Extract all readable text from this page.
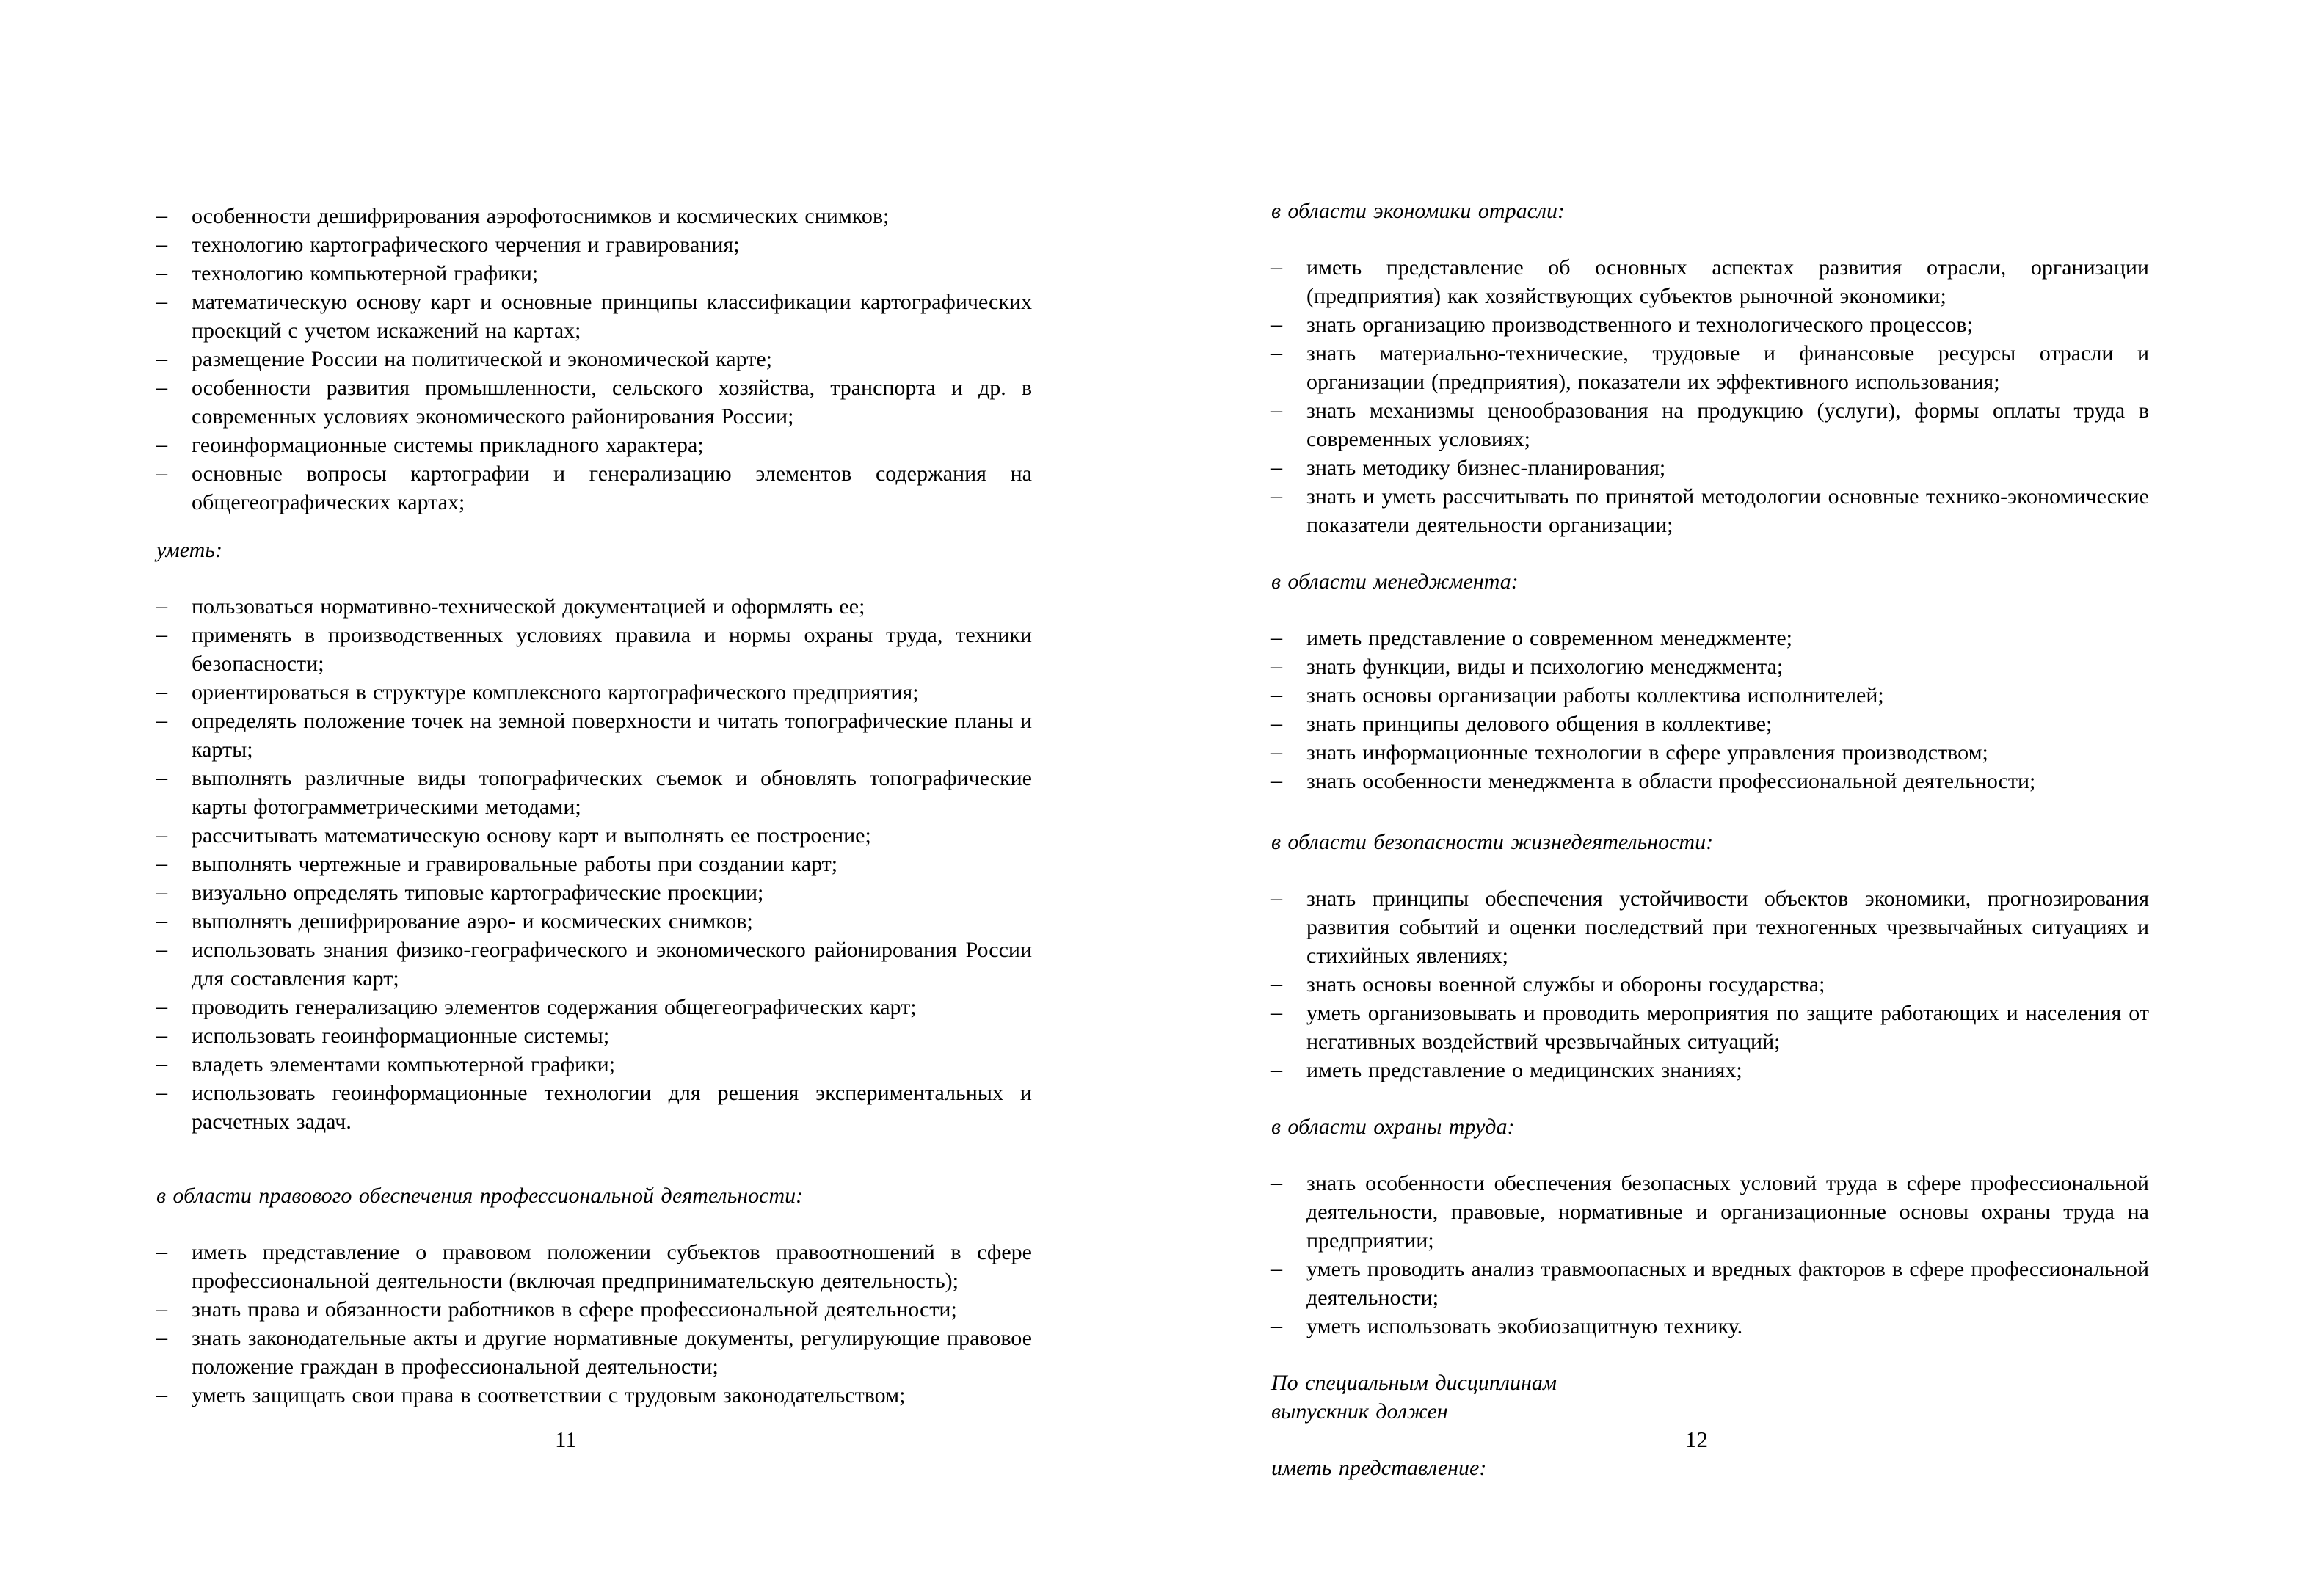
– особенности дешифрирования аэрофотоснимков и космических снимков;
– технологию картографического черчения и гравирования;
– технологию компьютерной графики;
– математическую основу карт и основные принципы классификации картографических проекций с учетом искажений на картах;
– размещение России на политической и экономической карте;
– особенности развития промышленности, сельского хозяйства, транспорта и др. в современных условиях экономического районирования России;
– геоинформационные системы прикладного характера;
– основные вопросы картографии и генерализацию элементов содержания на общегеографических картах;
уметь:
– пользоваться нормативно-технической документацией и оформлять ее;
– применять в производственных условиях правила и нормы охраны труда, техники безопасности;
– ориентироваться в структуре комплексного картографического предприятия;
– определять положение точек на земной поверхности и читать топографические планы и карты;
– выполнять различные виды топографических съемок и обновлять топографические карты фотограмметрическими методами;
– рассчитывать математическую основу карт и выполнять ее построение;
– выполнять чертежные и гравировальные работы при создании карт;
– визуально определять типовые картографические проекции;
– выполнять дешифрирование аэро- и космических снимков;
– использовать знания физико-географического и экономического районирования России для составления карт;
– проводить генерализацию элементов содержания общегеографических карт;
– использовать геоинформационные системы;
– владеть элементами компьютерной графики;
– использовать геоинформационные технологии для решения экспериментальных и расчетных задач.
в области правового обеспечения профессиональной деятельности:
– иметь представление о правовом положении субъектов правоотношений в сфере профессиональной деятельности (включая предпринимательскую деятельность);
– знать права и обязанности работников в сфере профессиональной деятельности;
– знать законодательные акты и другие нормативные документы, регулирующие правовое положение граждан в профессиональной деятельности;
– уметь защищать свои права в соответствии с трудовым законодательством;
в области экономики отрасли:
– иметь представление об основных аспектах развития отрасли, организации (предприятия) как хозяйствующих субъектов рыночной экономики;
– знать организацию производственного и технологического процессов;
– знать материально-технические, трудовые и финансовые ресурсы отрасли и организации (предприятия), показатели их эффективного использования;
– знать механизмы ценообразования на продукцию (услуги), формы оплаты труда в современных условиях;
– знать методику бизнес-планирования;
– знать и уметь рассчитывать по принятой методологии основные технико-экономические показатели деятельности организации;
в области менеджмента:
– иметь представление о современном менеджменте;
– знать функции, виды и психологию менеджмента;
– знать основы организации работы коллектива исполнителей;
– знать принципы делового общения в коллективе;
– знать информационные технологии в сфере управления производством;
– знать особенности менеджмента в области профессиональной деятельности;
в области безопасности жизнедеятельности:
– знать принципы обеспечения устойчивости объектов экономики, прогнозирования развития событий и оценки последствий при техногенных чрезвычайных ситуациях и стихийных явлениях;
– знать основы военной службы и обороны государства;
– уметь организовывать и проводить мероприятия по защите работающих и населения от негативных воздействий чрезвычайных ситуаций;
– иметь представление о медицинских знаниях;
в области охраны труда:
– знать особенности обеспечения безопасных условий труда в сфере профессиональной деятельности, правовые, нормативные и организационные основы охраны труда на предприятии;
– уметь проводить анализ травмоопасных и вредных факторов в сфере профессиональной деятельности;
– уметь использовать экобиозащитную технику.
По специальным дисциплинам
выпускник должен
иметь представление:
11	12
